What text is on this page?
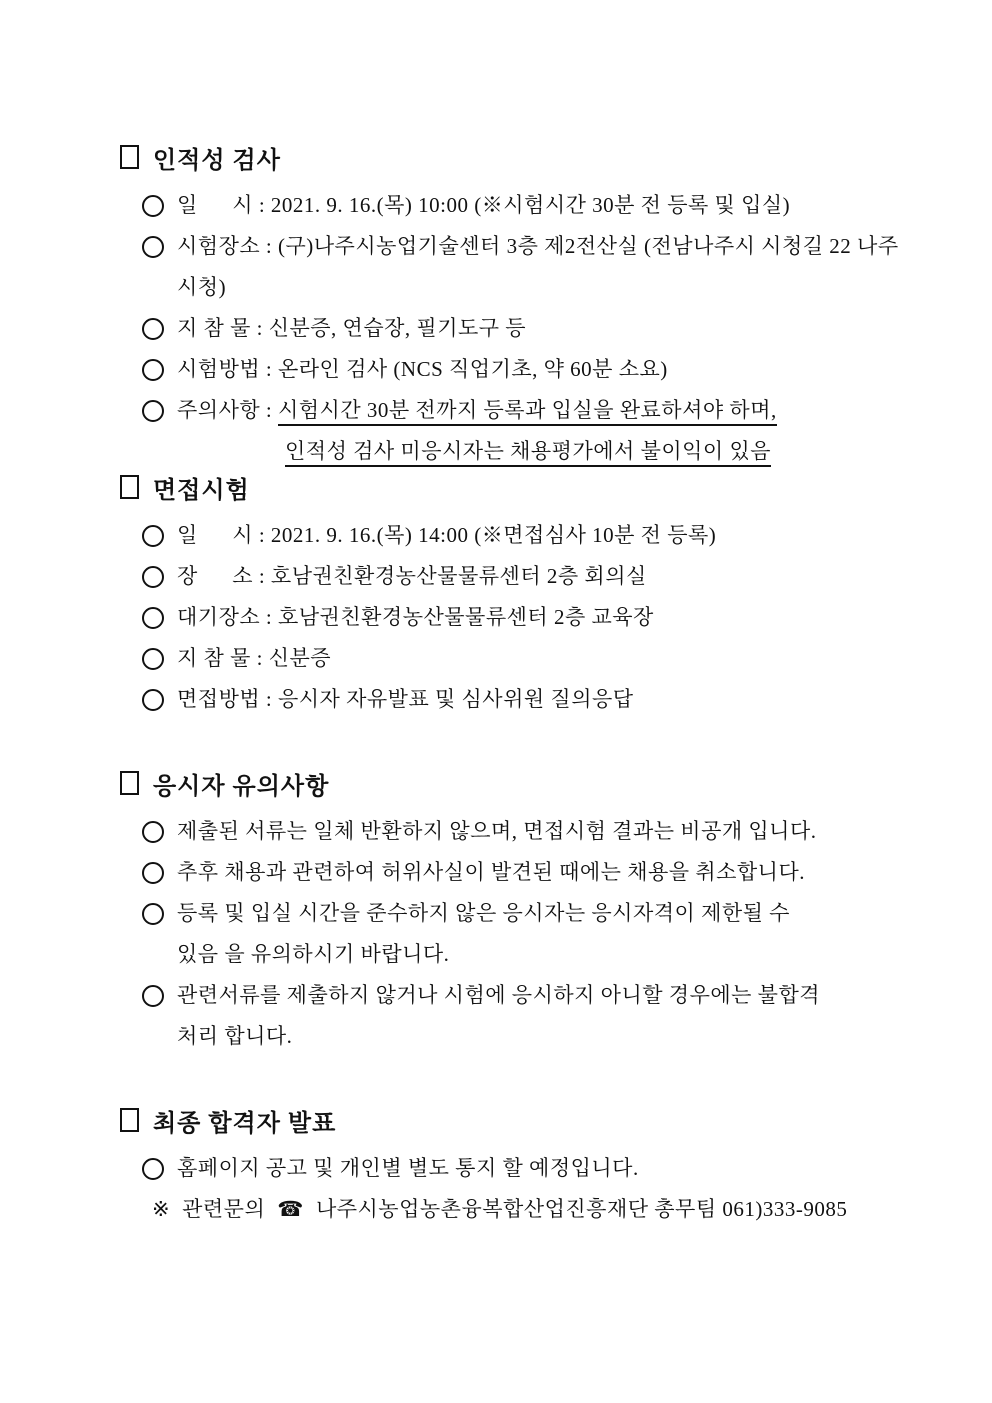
인적성 검사
일      시 : 2021. 9. 16.(목) 10:00 (※시험시간 30분 전 등록 및 입실)
시험장소 : (구)나주시농업기술센터 3층 제2전산실 (전남나주시 시청길 22 나주시청)
지 참 물 : 신분증, 연습장, 필기도구 등
시험방법 : 온라인 검사 (NCS 직업기초, 약 60분 소요)
주의사항 : 시험시간 30분 전까지 등록과 입실을 완료하셔야 하며,
인적성 검사 미응시자는 채용평가에서 불이익이 있음
면접시험
일      시 : 2021. 9. 16.(목) 14:00 (※면접심사 10분 전 등록)
장      소 : 호남권친환경농산물물류센터 2층 회의실
대기장소 : 호남권친환경농산물물류센터 2층 교육장
지 참 물 : 신분증
면접방법 : 응시자 자유발표 및 심사위원 질의응답
응시자 유의사항
제출된 서류는 일체 반환하지 않으며, 면접시험 결과는 비공개 입니다.
추후 채용과 관련하여 허위사실이 발견된 때에는 채용을 취소합니다.
등록 및 입실 시간을 준수하지 않은 응시자는 응시자격이 제한될 수
있음 을 유의하시기 바랍니다.
관련서류를 제출하지 않거나 시험에 응시하지 아니할 경우에는 불합격
처리 합니다.
최종 합격자 발표
홈페이지 공고 및 개인별 별도 통지 할 예정입니다.
※ 관련문의 ☎ 나주시농업농촌융복합산업진흥재단 총무팀 061)333-9085
